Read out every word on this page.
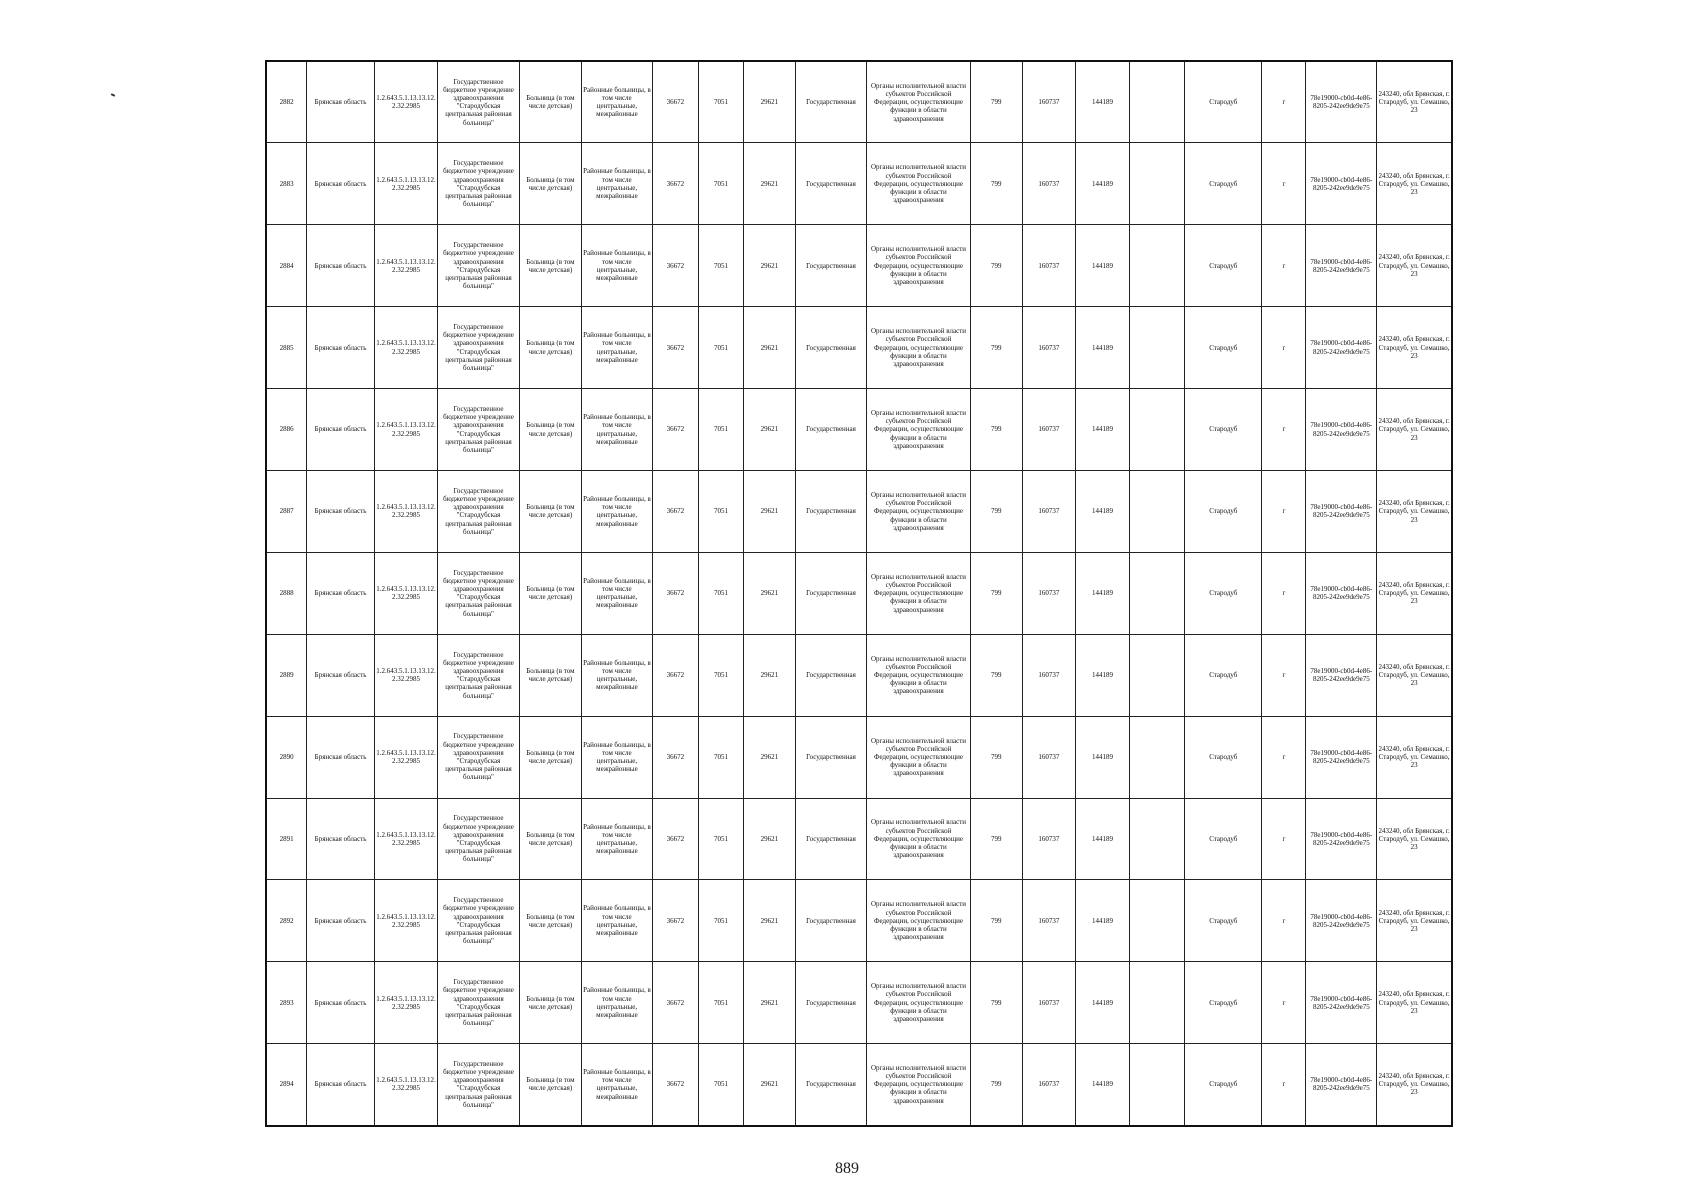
2882	Брянская область	1.2.643.5.1.13.13.12.2.32.2985	Государственное бюджетное учреждение здравоохранения "Стародубская центральная районная больница"	Больница (в том числе детская)	Районные больницы, в том числе центральные, межрайонные	36672	7051	29621	Государственная	Органы исполнительной власти субъектов Российской Федерации, осуществляющие функции в области здравоохранения	799	160737	144189		Стародуб	г	78e19000-cb0d-4e86-8205-242ee9de9e75	243240, обл Брянская, г. Стародуб, ул. Семашко, 23
2883	Брянская область	1.2.643.5.1.13.13.12.2.32.2985	Государственное бюджетное учреждение здравоохранения "Стародубская центральная районная больница"	Больница (в том числе детская)	Районные больницы, в том числе центральные, межрайонные	36672	7051	29621	Государственная	Органы исполнительной власти субъектов Российской Федерации, осуществляющие функции в области здравоохранения	799	160737	144189		Стародуб	г	78e19000-cb0d-4e86-8205-242ee9de9e75	243240, обл Брянская, г. Стародуб, ул. Семашко, 23
2884	Брянская область	1.2.643.5.1.13.13.12.2.32.2985	Государственное бюджетное учреждение здравоохранения "Стародубская центральная районная больница"	Больница (в том числе детская)	Районные больницы, в том числе центральные, межрайонные	36672	7051	29621	Государственная	Органы исполнительной власти субъектов Российской Федерации, осуществляющие функции в области здравоохранения	799	160737	144189		Стародуб	г	78e19000-cb0d-4e86-8205-242ee9de9e75	243240, обл Брянская, г. Стародуб, ул. Семашко, 23
2885	Брянская область	1.2.643.5.1.13.13.12.2.32.2985	Государственное бюджетное учреждение здравоохранения "Стародубская центральная районная больница"	Больница (в том числе детская)	Районные больницы, в том числе центральные, межрайонные	36672	7051	29621	Государственная	Органы исполнительной власти субъектов Российской Федерации, осуществляющие функции в области здравоохранения	799	160737	144189		Стародуб	г	78e19000-cb0d-4e86-8205-242ee9de9e75	243240, обл Брянская, г. Стародуб, ул. Семашко, 23
2886	Брянская область	1.2.643.5.1.13.13.12.2.32.2985	Государственное бюджетное учреждение здравоохранения "Стародубская центральная районная больница"	Больница (в том числе детская)	Районные больницы, в том числе центральные, межрайонные	36672	7051	29621	Государственная	Органы исполнительной власти субъектов Российской Федерации, осуществляющие функции в области здравоохранения	799	160737	144189		Стародуб	г	78e19000-cb0d-4e86-8205-242ee9de9e75	243240, обл Брянская, г. Стародуб, ул. Семашко, 23
2887	Брянская область	1.2.643.5.1.13.13.12.2.32.2985	Государственное бюджетное учреждение здравоохранения "Стародубская центральная районная больница"	Больница (в том числе детская)	Районные больницы, в том числе центральные, межрайонные	36672	7051	29621	Государственная	Органы исполнительной власти субъектов Российской Федерации, осуществляющие функции в области здравоохранения	799	160737	144189		Стародуб	г	78e19000-cb0d-4e86-8205-242ee9de9e75	243240, обл Брянская, г. Стародуб, ул. Семашко, 23
2888	Брянская область	1.2.643.5.1.13.13.12.2.32.2985	Государственное бюджетное учреждение здравоохранения "Стародубская центральная районная больница"	Больница (в том числе детская)	Районные больницы, в том числе центральные, межрайонные	36672	7051	29621	Государственная	Органы исполнительной власти субъектов Российской Федерации, осуществляющие функции в области здравоохранения	799	160737	144189		Стародуб	г	78e19000-cb0d-4e86-8205-242ee9de9e75	243240, обл Брянская, г. Стародуб, ул. Семашко, 23
2889	Брянская область	1.2.643.5.1.13.13.12.2.32.2985	Государственное бюджетное учреждение здравоохранения "Стародубская центральная районная больница"	Больница (в том числе детская)	Районные больницы, в том числе центральные, межрайонные	36672	7051	29621	Государственная	Органы исполнительной власти субъектов Российской Федерации, осуществляющие функции в области здравоохранения	799	160737	144189		Стародуб	г	78e19000-cb0d-4e86-8205-242ee9de9e75	243240, обл Брянская, г. Стародуб, ул. Семашко, 23
2890	Брянская область	1.2.643.5.1.13.13.12.2.32.2985	Государственное бюджетное учреждение здравоохранения "Стародубская центральная районная больница"	Больница (в том числе детская)	Районные больницы, в том числе центральные, межрайонные	36672	7051	29621	Государственная	Органы исполнительной власти субъектов Российской Федерации, осуществляющие функции в области здравоохранения	799	160737	144189		Стародуб	г	78e19000-cb0d-4e86-8205-242ee9de9e75	243240, обл Брянская, г. Стародуб, ул. Семашко, 23
2891	Брянская область	1.2.643.5.1.13.13.12.2.32.2985	Государственное бюджетное учреждение здравоохранения "Стародубская центральная районная больница"	Больница (в том числе детская)	Районные больницы, в том числе центральные, межрайонные	36672	7051	29621	Государственная	Органы исполнительной власти субъектов Российской Федерации, осуществляющие функции в области здравоохранения	799	160737	144189		Стародуб	г	78e19000-cb0d-4e86-8205-242ee9de9e75	243240, обл Брянская, г. Стародуб, ул. Семашко, 23
2892	Брянская область	1.2.643.5.1.13.13.12.2.32.2985	Государственное бюджетное учреждение здравоохранения "Стародубская центральная районная больница"	Больница (в том числе детская)	Районные больницы, в том числе центральные, межрайонные	36672	7051	29621	Государственная	Органы исполнительной власти субъектов Российской Федерации, осуществляющие функции в области здравоохранения	799	160737	144189		Стародуб	г	78e19000-cb0d-4e86-8205-242ee9de9e75	243240, обл Брянская, г. Стародуб, ул. Семашко, 23
2893	Брянская область	1.2.643.5.1.13.13.12.2.32.2985	Государственное бюджетное учреждение здравоохранения "Стародубская центральная районная больница"	Больница (в том числе детская)	Районные больницы, в том числе центральные, межрайонные	36672	7051	29621	Государственная	Органы исполнительной власти субъектов Российской Федерации, осуществляющие функции в области здравоохранения	799	160737	144189		Стародуб	г	78e19000-cb0d-4e86-8205-242ee9de9e75	243240, обл Брянская, г. Стародуб, ул. Семашко, 23
2894	Брянская область	1.2.643.5.1.13.13.12.2.32.2985	Государственное бюджетное учреждение здравоохранения "Стародубская центральная районная больница"	Больница (в том числе детская)	Районные больницы, в том числе центральные, межрайонные	36672	7051	29621	Государственная	Органы исполнительной власти субъектов Российской Федерации, осуществляющие функции в области здравоохранения	799	160737	144189		Стародуб	г	78e19000-cb0d-4e86-8205-242ee9de9e75	243240, обл Брянская, г. Стародуб, ул. Семашко, 23
889
